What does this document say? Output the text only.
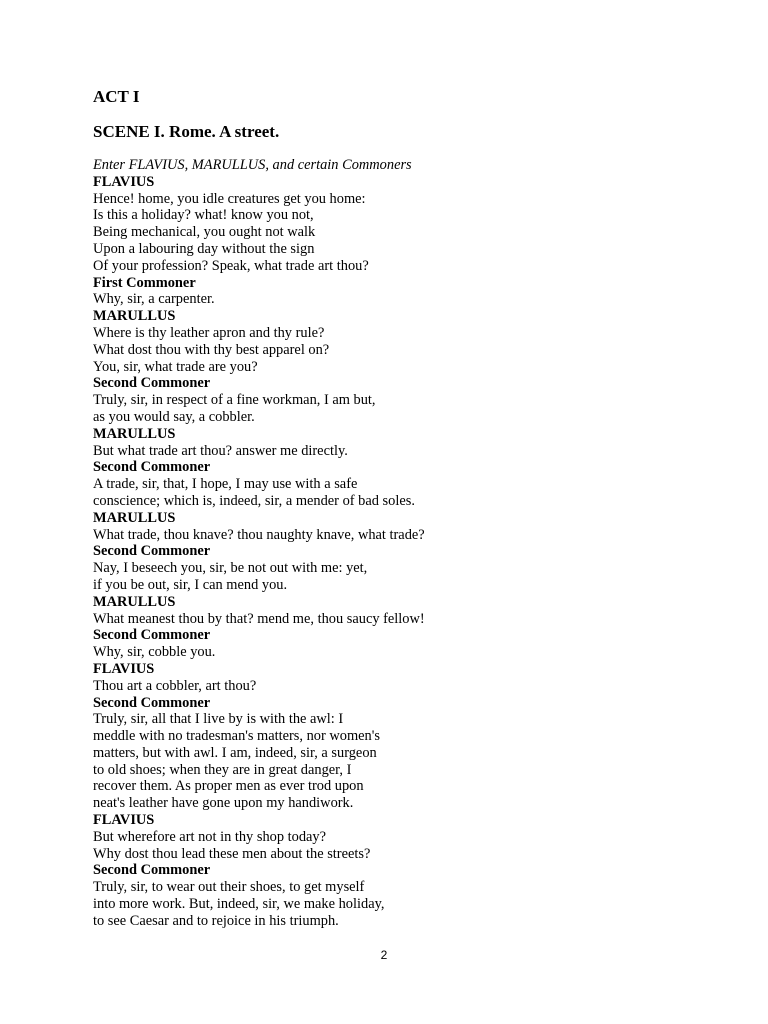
ACT I
SCENE I. Rome. A street.
Enter FLAVIUS, MARULLUS, and certain Commoners
FLAVIUS
Hence! home, you idle creatures get you home:
Is this a holiday? what! know you not,
Being mechanical, you ought not walk
Upon a labouring day without the sign
Of your profession? Speak, what trade art thou?
First Commoner
Why, sir, a carpenter.
MARULLUS
Where is thy leather apron and thy rule?
What dost thou with thy best apparel on?
You, sir, what trade are you?
Second Commoner
Truly, sir, in respect of a fine workman, I am but,
as you would say, a cobbler.
MARULLUS
But what trade art thou? answer me directly.
Second Commoner
A trade, sir, that, I hope, I may use with a safe
conscience; which is, indeed, sir, a mender of bad soles.
MARULLUS
What trade, thou knave? thou naughty knave, what trade?
Second Commoner
Nay, I beseech you, sir, be not out with me: yet,
if you be out, sir, I can mend you.
MARULLUS
What meanest thou by that? mend me, thou saucy fellow!
Second Commoner
Why, sir, cobble you.
FLAVIUS
Thou art a cobbler, art thou?
Second Commoner
Truly, sir, all that I live by is with the awl: I
meddle with no tradesman's matters, nor women's
matters, but with awl. I am, indeed, sir, a surgeon
to old shoes; when they are in great danger, I
recover them. As proper men as ever trod upon
neat's leather have gone upon my handiwork.
FLAVIUS
But wherefore art not in thy shop today?
Why dost thou lead these men about the streets?
Second Commoner
Truly, sir, to wear out their shoes, to get myself
into more work. But, indeed, sir, we make holiday,
to see Caesar and to rejoice in his triumph.
2
